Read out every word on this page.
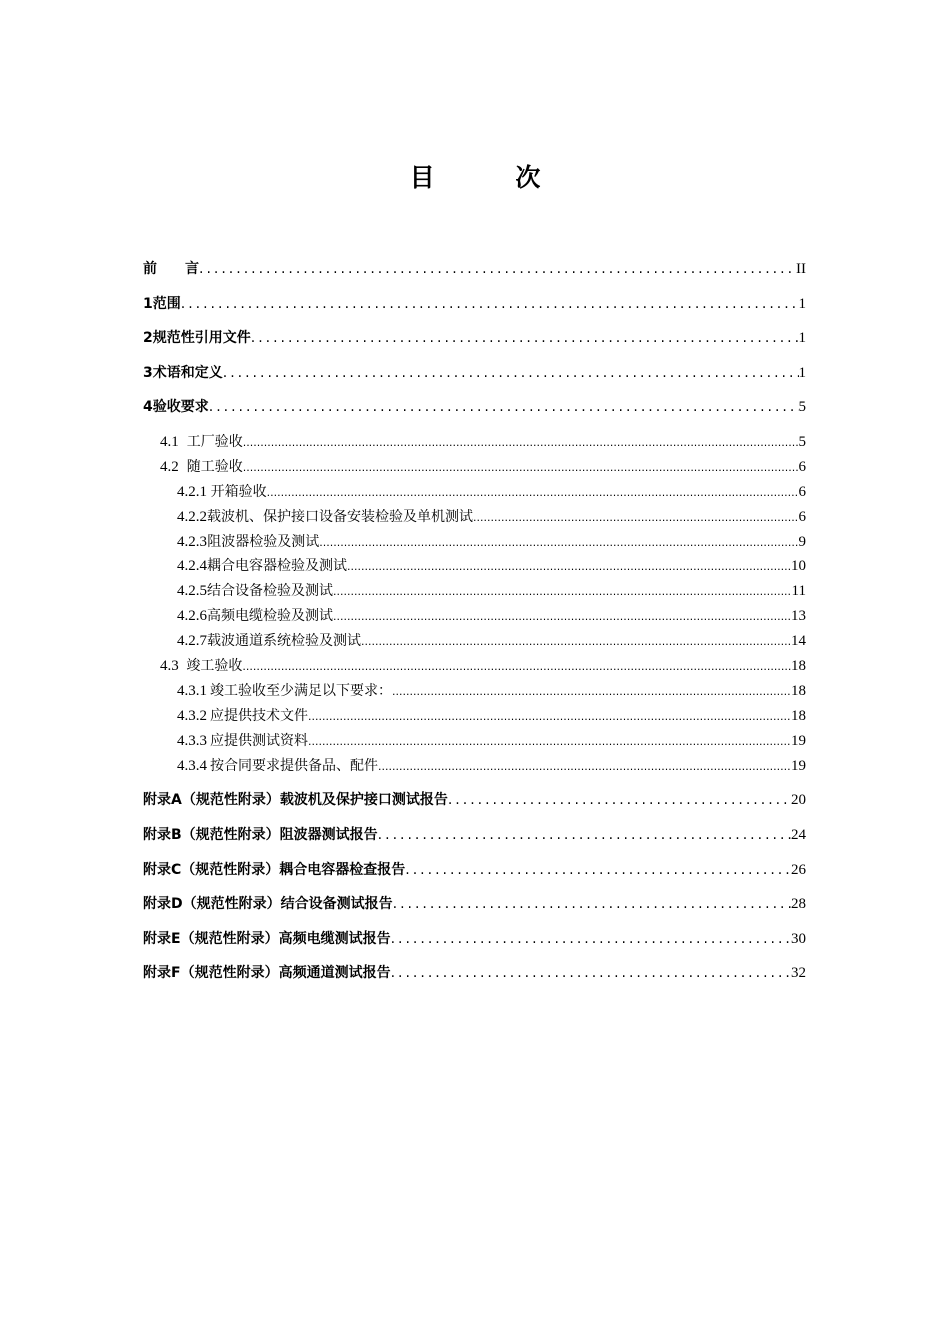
目 次
前　　言 .....	II
1 范围 .....	1
2 规范性引用文件 .....	1
3 术语和定义 .....	1
4 验收要求 .....	5
4.1 工厂验收 .....	5
4.2 随工验收 .....	6
4.2.1 开箱验收 .....	6
4.2.2 载波机、保护接口设备安装检验及单机测试 .....	6
4.2.3 阻波器检验及测试 .....	9
4.2.4 耦合电容器检验及测试 .....	10
4.2.5 结合设备检验及测试 .....	11
4.2.6 高频电缆检验及测试 .....	13
4.2.7 载波通道系统检验及测试 .....	14
4.3 竣工验收 .....	18
4.3.1 竣工验收至少满足以下要求： .....	18
4.3.2 应提供技术文件 .....	18
4.3.3 应提供测试资料 .....	19
4.3.4 按合同要求提供备品、配件 .....	19
附录A（规范性附录）载波机及保护接口测试报告 .....	20
附录B（规范性附录）阻波器测试报告 .....	24
附录C（规范性附录）耦合电容器检查报告 .....	26
附录D（规范性附录）结合设备测试报告 .....	28
附录E（规范性附录）高频电缆测试报告 .....	30
附录F（规范性附录）高频通道测试报告 .....	32
